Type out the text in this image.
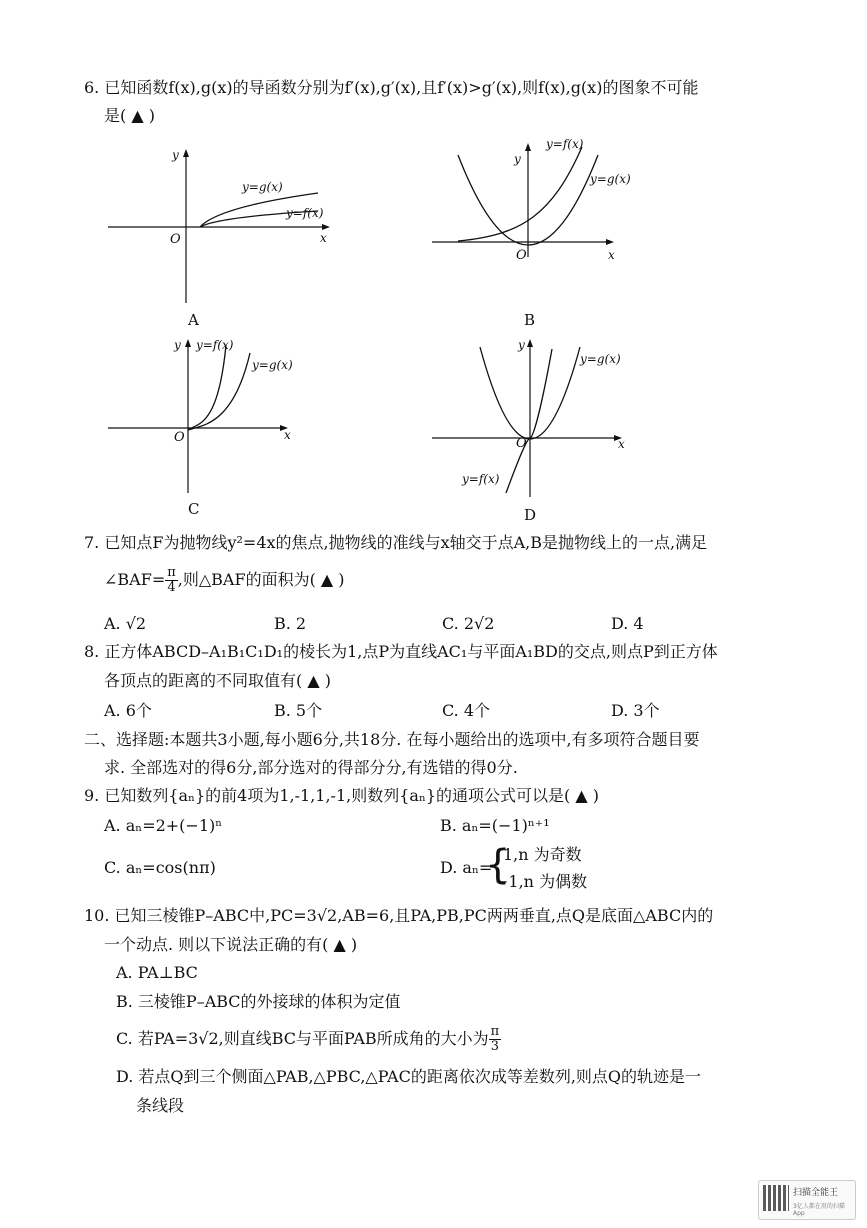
6. 已知函数f(x),g(x)的导函数分别为f′(x),g′(x),且f′(x)>g′(x),则f(x),g(x)的图象不可能
是( ▲ )
O	x
y
y=g(x)
y=f(x)
A
O	x
y
y=f(x)
y=g(x)
B
O	x
y y=f(x)
y=g(x)
C
O	x
y
y=g(x)
y=f(x)
D
7. 已知点F为抛物线y²=4x的焦点,抛物线的准线与x轴交于点A,B是抛物线上的一点,满足
∠BAF= $\frac{\pi}{4}$ ,则△BAF的面积为( ▲ )
A. √2	B. 2	C. 2√2	D. 4
8. 正方体ABCD–A₁B₁C₁D₁的棱长为1,点P为直线AC₁与平面A₁BD的交点,则点P到正方体
各顶点的距离的不同取值有( ▲ )
A. 6个	B. 5个	C. 4个	D. 3个
二、选择题:本题共3小题,每小题6分,共18分. 在每小题给出的选项中,有多项符合题目要
求. 全部选对的得6分,部分选对的得部分分,有选错的得0分.
9. 已知数列{aₙ}的前4项为1,-1,1,-1,则数列{aₙ}的通项公式可以是( ▲ )
A. aₙ=2+(−1)ⁿ	B. aₙ=(−1)ⁿ⁺¹
C. aₙ=cos(nπ)	D. aₙ=
{
1,n 为奇数
−1,n 为偶数
10. 已知三棱锥P–ABC中,PC=3√2,AB=6,且PA,PB,PC两两垂直,点Q是底面△ABC内的
一个动点. 则以下说法正确的有( ▲ )
A. PA⊥BC
B. 三棱锥P–ABC的外接球的体积为定值
C. 若PA=3√2,则直线BC与平面PAB所成角的大小为 $\frac{\pi}{3}$
D. 若点Q到三个侧面△PAB,△PBC,△PAC的距离依次成等差数列,则点Q的轨迹是一
条线段
扫描全能王
3亿人都在用的扫描App
